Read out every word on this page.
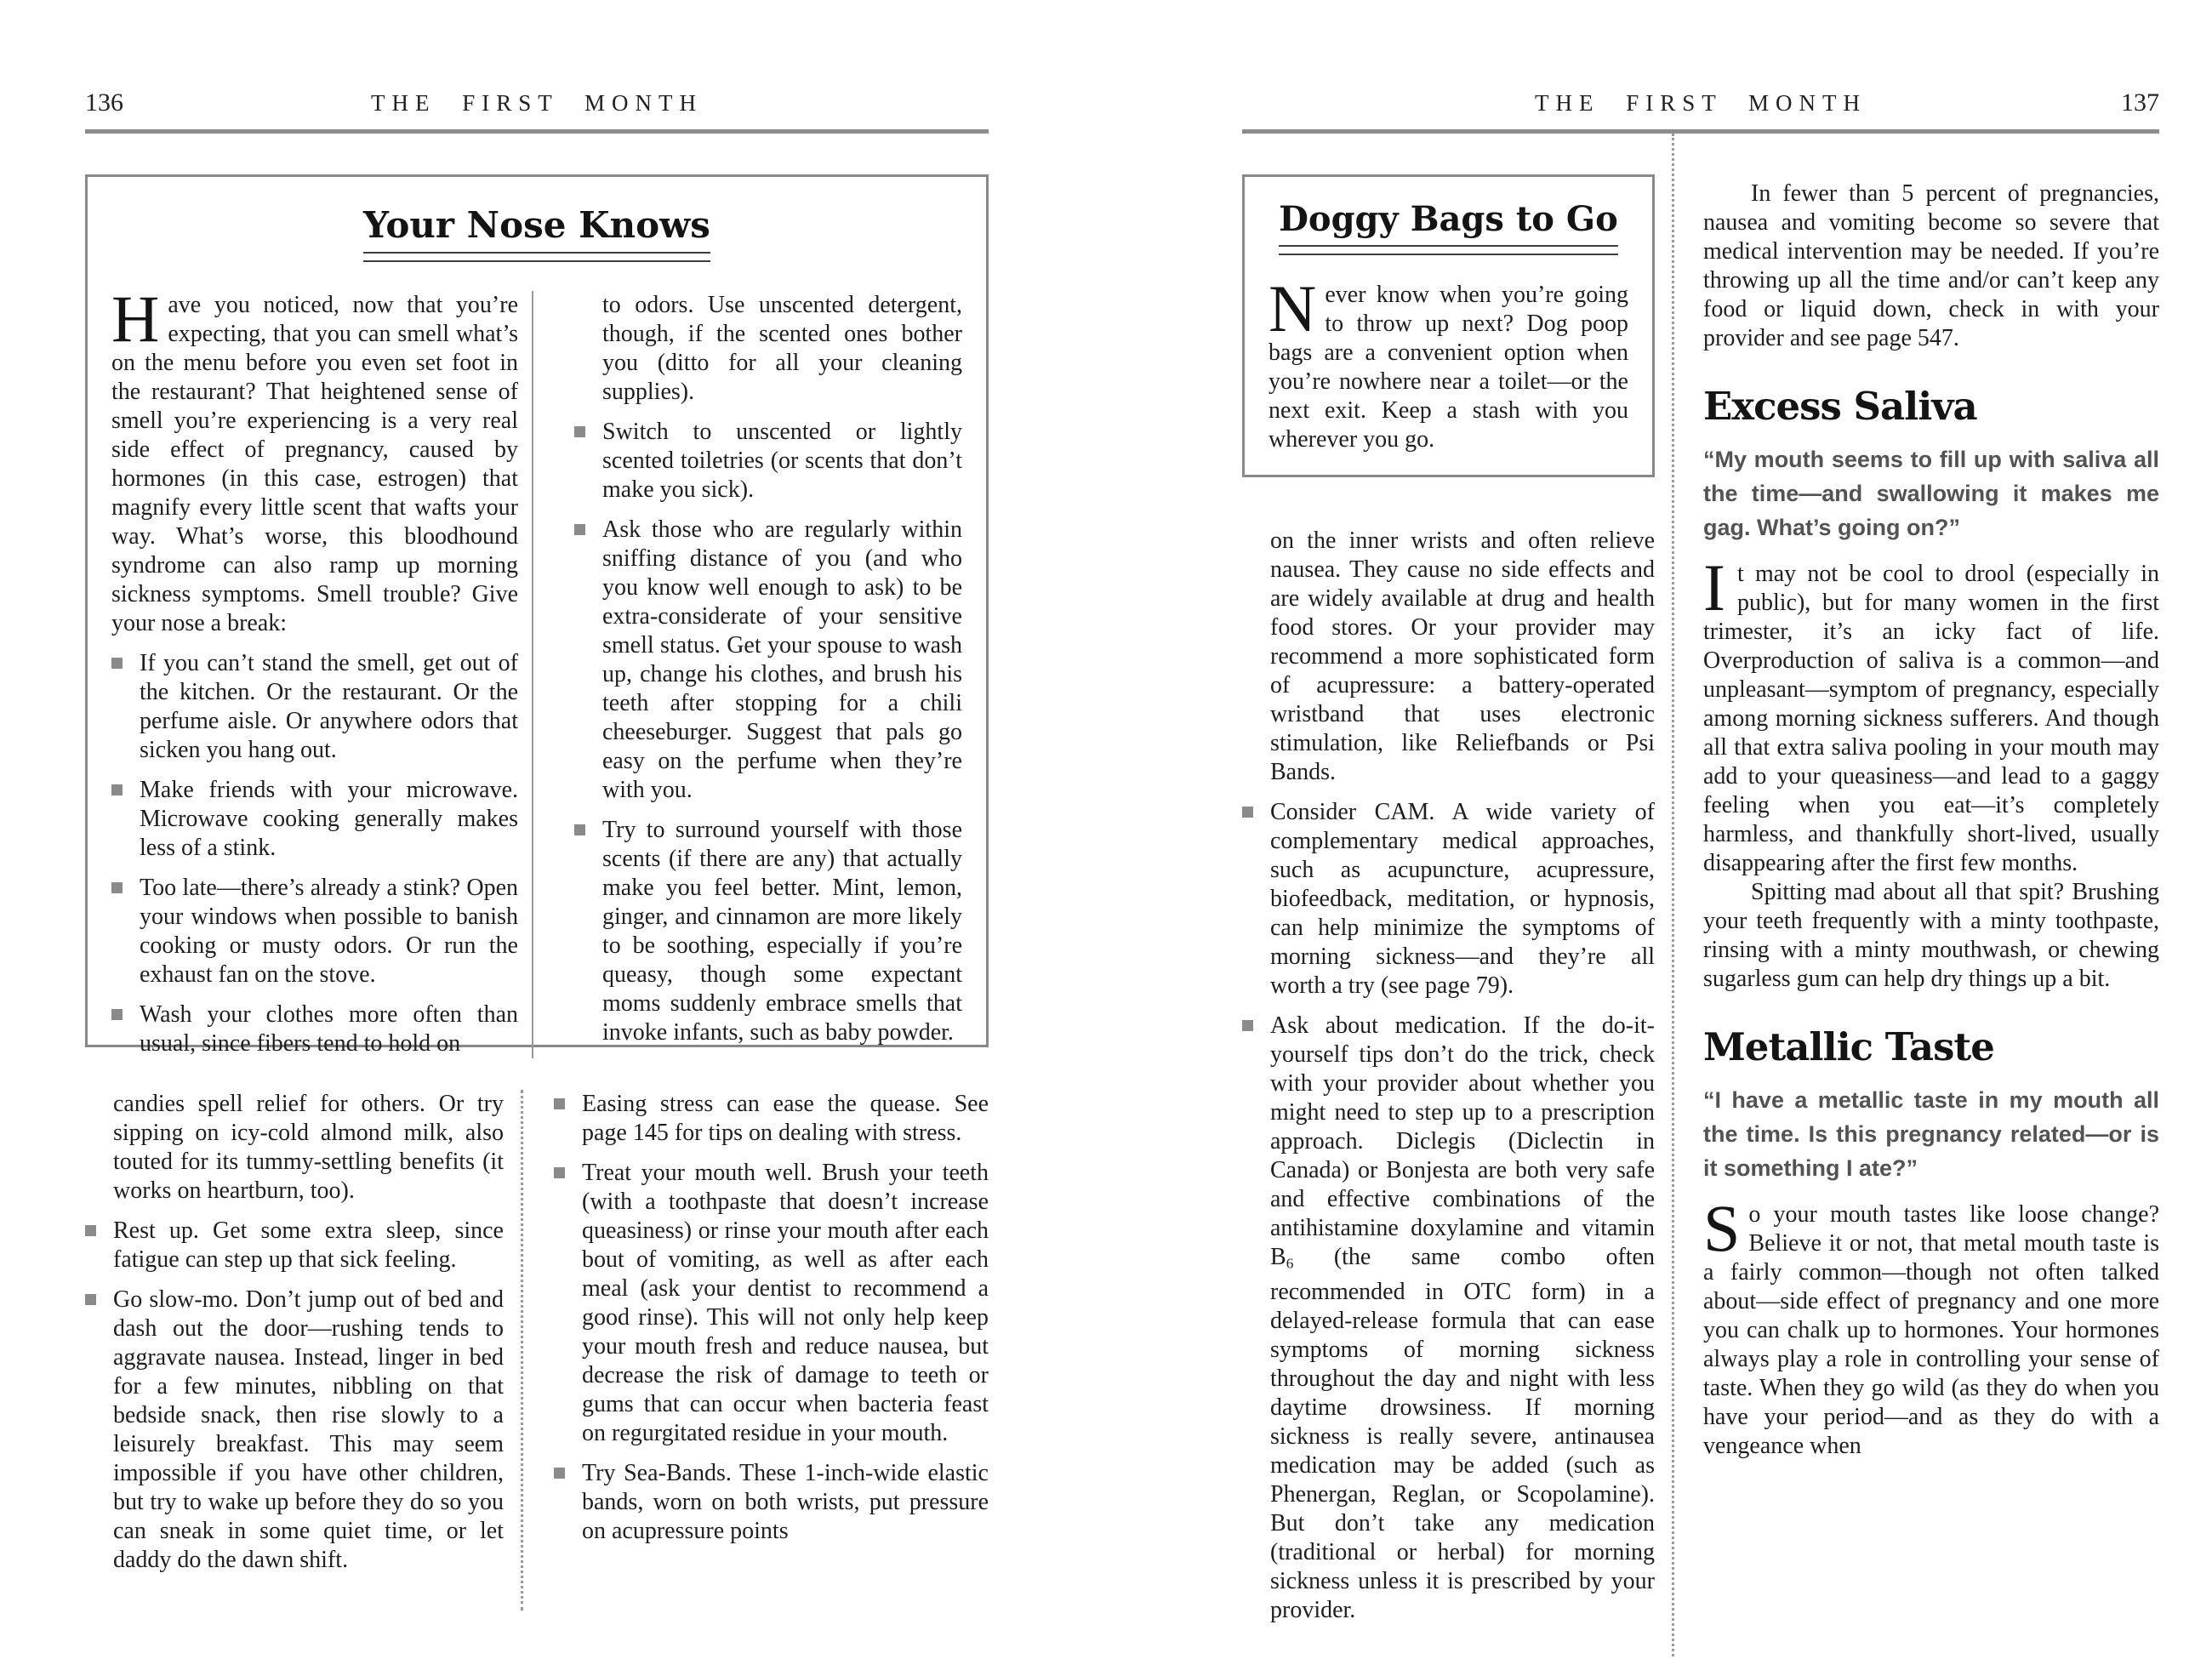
136	THE FIRST MONTH
Your Nose Knows

Have you noticed, now that you’re expecting, that you can smell what’s on the menu before you even set foot in the restaurant? That heightened sense of smell you’re experiencing is a very real side effect of pregnancy, caused by hormones (in this case, estrogen) that magnify every little scent that wafts your way. What’s worse, this bloodhound syndrome can also ramp up morning sickness symptoms. Smell trouble? Give your nose a break:

If you can’t stand the smell, get out of the kitchen. Or the restaurant. Or the perfume aisle. Or anywhere odors that sicken you hang out.
Make friends with your microwave. Microwave cooking generally makes less of a stink.
Too late—there’s already a stink? Open your windows when possible to banish cooking or musty odors. Or run the exhaust fan on the stove.
Wash your clothes more often than usual, since fibers tend to hold on

to odors. Use unscented detergent, though, if the scented ones bother you (ditto for all your cleaning supplies).

Switch to unscented or lightly scented toiletries (or scents that don’t make you sick).
Ask those who are regularly within sniffing distance of you (and who you know well enough to ask) to be extra-considerate of your sensitive smell status. Get your spouse to wash up, change his clothes, and brush his teeth after stopping for a chili cheeseburger. Suggest that pals go easy on the perfume when they’re with you.
Try to surround yourself with those scents (if there are any) that actually make you feel better. Mint, lemon, ginger, and cinnamon are more likely to be soothing, especially if you’re queasy, though some expectant moms suddenly embrace smells that invoke infants, such as baby powder.

candies spell relief for others. Or try sipping on icy-cold almond milk, also touted for its tummy-settling benefits (it works on heartburn, too).

Rest up. Get some extra sleep, since fatigue can step up that sick feeling.
Go slow-mo. Don’t jump out of bed and dash out the door—rushing tends to aggravate nausea. Instead, linger in bed for a few minutes, nibbling on that bedside snack, then rise slowly to a leisurely breakfast. This may seem impossible if you have other children, but try to wake up before they do so you can sneak in some quiet time, or let daddy do the dawn shift.
Easing stress can ease the quease. See page 145 for tips on dealing with stress.
Treat your mouth well. Brush your teeth (with a toothpaste that doesn’t increase queasiness) or rinse your mouth after each bout of vomiting, as well as after each meal (ask your dentist to recommend a good rinse). This will not only help keep your mouth fresh and reduce nausea, but decrease the risk of damage to teeth or gums that can occur when bacteria feast on regurgitated residue in your mouth.
Try Sea-Bands. These 1-inch-wide elastic bands, worn on both wrists, put pressure on acupressure points
THE FIRST MONTH	137
Doggy Bags to Go

Never know when you’re going to throw up next? Dog poop bags are a convenient option when you’re nowhere near a toilet—or the next exit. Keep a stash with you wherever you go.

on the inner wrists and often relieve nausea. They cause no side effects and are widely available at drug and health food stores. Or your provider may recommend a more sophisticated form of acupressure: a battery-operated wristband that uses electronic stimulation, like Reliefbands or Psi Bands.

Consider CAM. A wide variety of complementary medical approaches, such as acupuncture, acupressure, biofeedback, meditation, or hypnosis, can help minimize the symptoms of morning sickness—and they’re all worth a try (see page 79).
Ask about medication. If the do-it-yourself tips don’t do the trick, check with your provider about whether you might need to step up to a prescription approach. Diclegis (Diclectin in Canada) or Bonjesta are both very safe and effective combinations of the antihistamine doxylamine and vitamin $B_6$ (the same combo often recommended in OTC form) in a delayed-release formula that can ease symptoms of morning sickness throughout the day and night with less daytime drowsiness. If morning sickness is really severe, antinausea medication may be added (such as Phenergan, Reglan, or Scopolamine). But don’t take any medication (traditional or herbal) for morning sickness unless it is prescribed by your provider.

In fewer than 5 percent of pregnancies, nausea and vomiting become so severe that medical intervention may be needed. If you’re throwing up all the time and/or can’t keep any food or liquid down, check in with your provider and see page 547.

Excess Saliva

“My mouth seems to fill up with saliva all the time—and swallowing it makes me gag. What’s going on?”

It may not be cool to drool (especially in public), but for many women in the first trimester, it’s an icky fact of life. Overproduction of saliva is a common—and unpleasant—symptom of pregnancy, especially among morning sickness sufferers. And though all that extra saliva pooling in your mouth may add to your queasiness—and lead to a gaggy feeling when you eat—it’s completely harmless, and thankfully short-lived, usually disappearing after the first few months.

Spitting mad about all that spit? Brushing your teeth frequently with a minty toothpaste, rinsing with a minty mouthwash, or chewing sugarless gum can help dry things up a bit.

Metallic Taste

“I have a metallic taste in my mouth all the time. Is this pregnancy related—or is it something I ate?”

So your mouth tastes like loose change? Believe it or not, that metal mouth taste is a fairly common—though not often talked about—side effect of pregnancy and one more you can chalk up to hormones. Your hormones always play a role in controlling your sense of taste. When they go wild (as they do when you have your period—and as they do with a vengeance when
